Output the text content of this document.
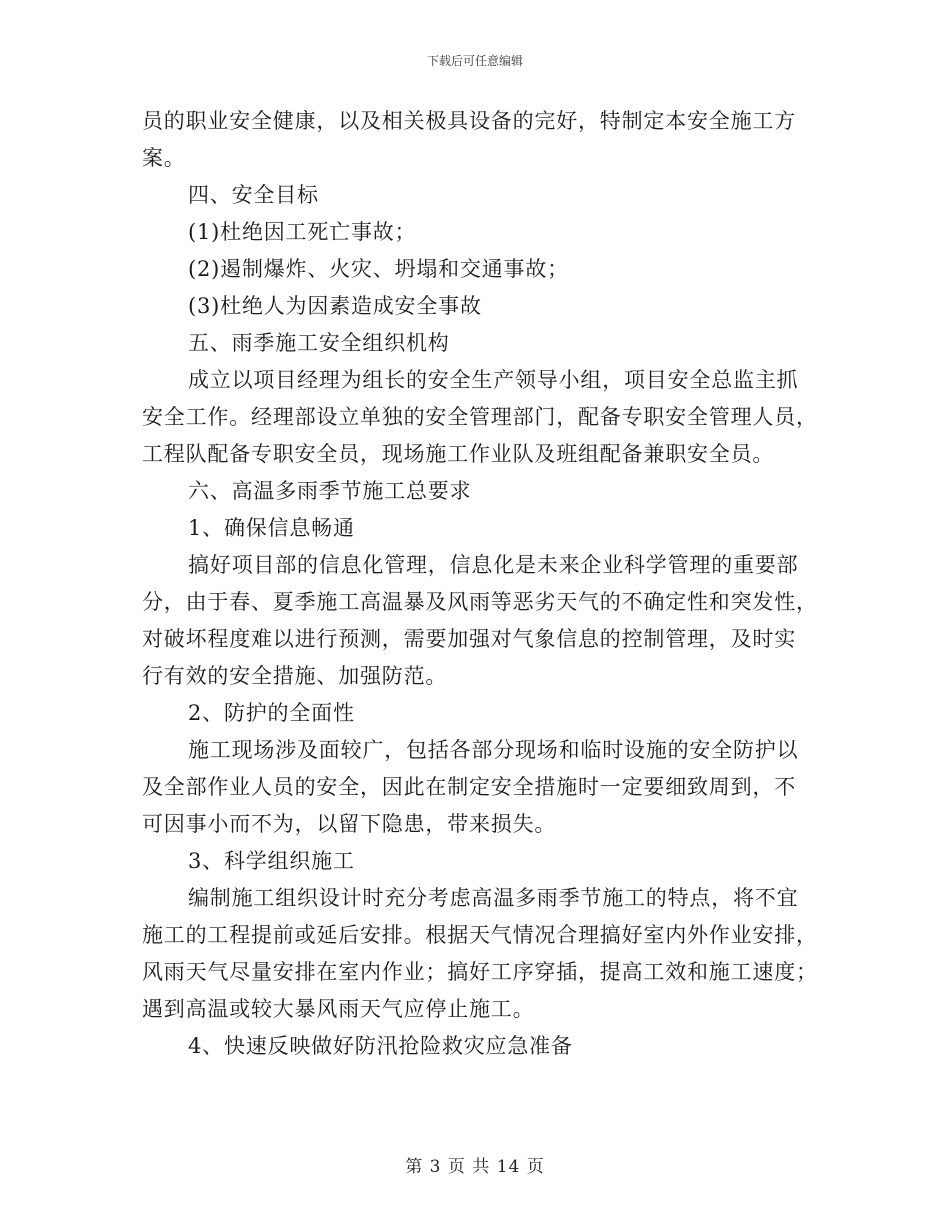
下载后可任意编辑
员的职业安全健康，以及相关极具设备的完好，特制定本安全施工方
案。
四、安全目标
(1)杜绝因工死亡事故；
(2)遏制爆炸、火灾、坍塌和交通事故；
(3)杜绝人为因素造成安全事故
五、雨季施工安全组织机构
成立以项目经理为组长的安全生产领导小组，项目安全总监主抓
安全工作。经理部设立单独的安全管理部门，配备专职安全管理人员，
工程队配备专职安全员，现场施工作业队及班组配备兼职安全员。
六、高温多雨季节施工总要求
1、确保信息畅通
搞好项目部的信息化管理，信息化是未来企业科学管理的重要部
分，由于春、夏季施工高温暴及风雨等恶劣天气的不确定性和突发性，
对破坏程度难以进行预测，需要加强对气象信息的控制管理，及时实
行有效的安全措施、加强防范。
2、防护的全面性
施工现场涉及面较广，包括各部分现场和临时设施的安全防护以
及全部作业人员的安全，因此在制定安全措施时一定要细致周到，不
可因事小而不为，以留下隐患，带来损失。
3、科学组织施工
编制施工组织设计时充分考虑高温多雨季节施工的特点，将不宜
施工的工程提前或延后安排。根据天气情况合理搞好室内外作业安排，
风雨天气尽量安排在室内作业；搞好工序穿插，提高工效和施工速度；
遇到高温或较大暴风雨天气应停止施工。
4、快速反映做好防汛抢险救灾应急准备
第 3 页 共 14 页
